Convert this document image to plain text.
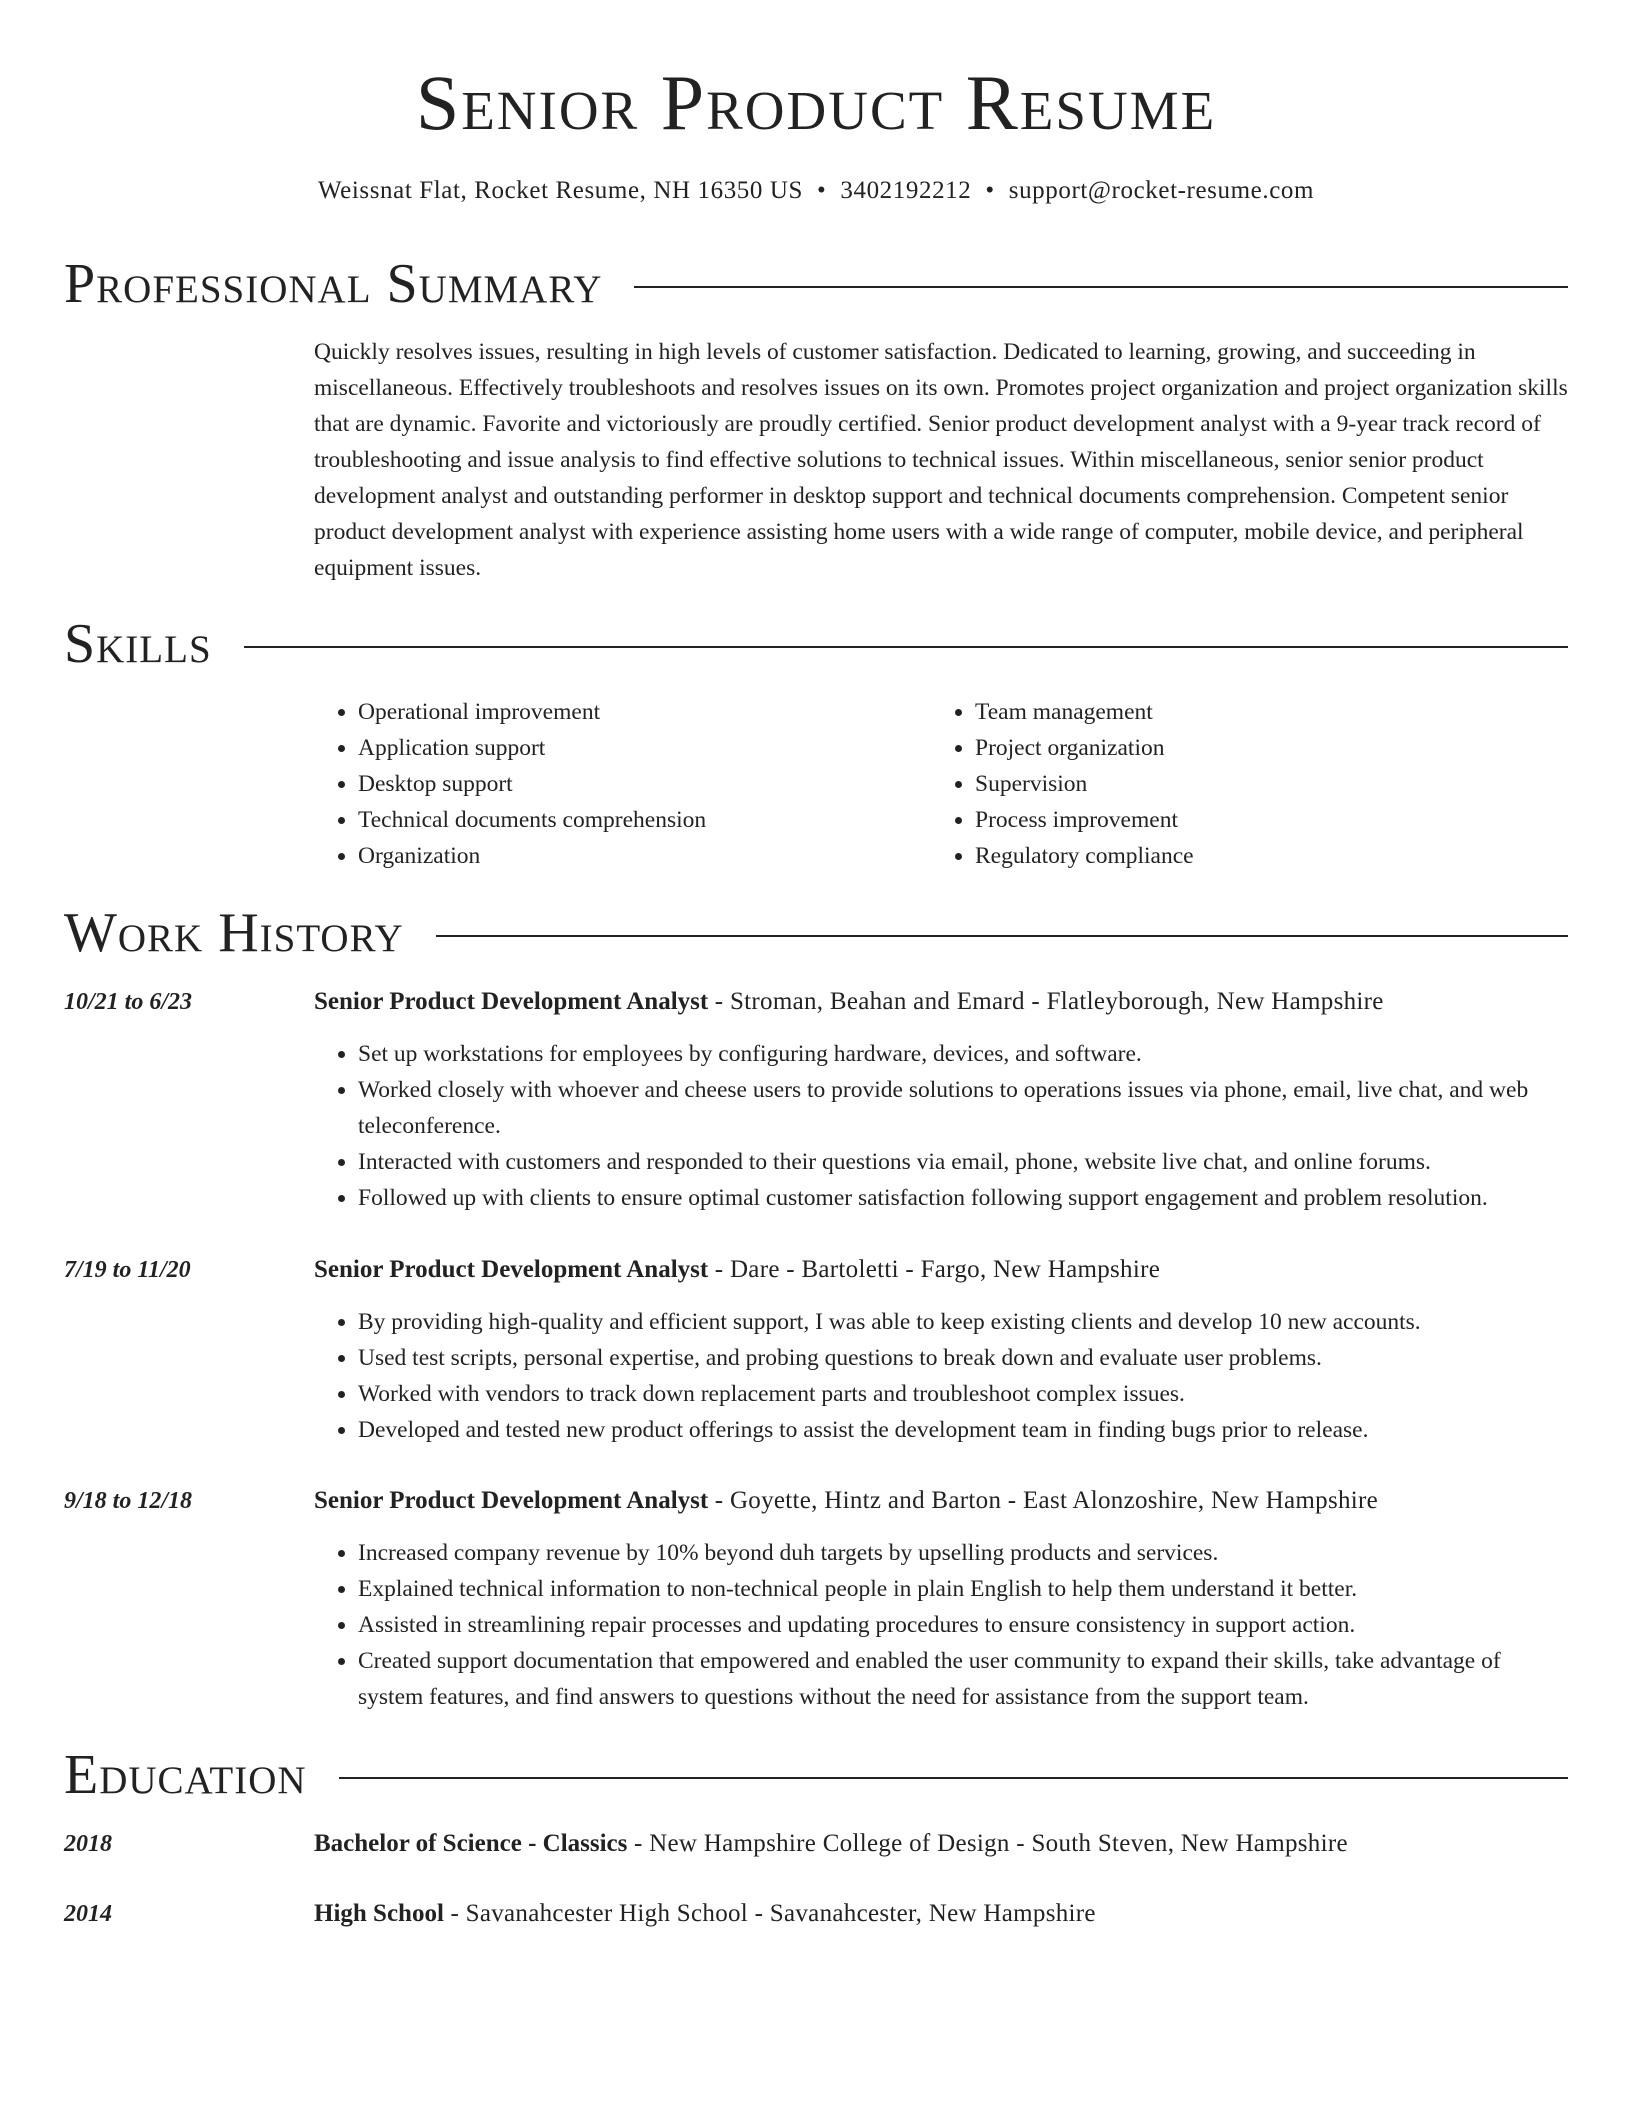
Senior Product Resume
Weissnat Flat, Rocket Resume, NH 16350 US • 3402192212 • support@rocket-resume.com
Professional Summary

Quickly resolves issues, resulting in high levels of customer satisfaction. Dedicated to learning, growing, and succeeding in miscellaneous. Effectively troubleshoots and resolves issues on its own. Promotes project organization and project organization skills that are dynamic. Favorite and victoriously are proudly certified. Senior product development analyst with a 9-year track record of troubleshooting and issue analysis to find effective solutions to technical issues. Within miscellaneous, senior senior product development analyst and outstanding performer in desktop support and technical documents comprehension. Competent senior product development analyst with experience assisting home users with a wide range of computer, mobile device, and peripheral equipment issues.

Skills
• Operational improvement
• Application support
• Desktop support
• Technical documents comprehension
• Organization
• Team management
• Project organization
• Supervision
• Process improvement
• Regulatory compliance
Work History
10/21 to 6/23	Senior Product Development Analyst - Stroman, Beahan and Emard - Flatleyborough, New Hampshire
• Set up workstations for employees by configuring hardware, devices, and software.
• Worked closely with whoever and cheese users to provide solutions to operations issues via phone, email, live chat, and web teleconference.
• Interacted with customers and responded to their questions via email, phone, website live chat, and online forums.
• Followed up with clients to ensure optimal customer satisfaction following support engagement and problem resolution.
7/19 to 11/20	Senior Product Development Analyst - Dare - Bartoletti - Fargo, New Hampshire
• By providing high-quality and efficient support, I was able to keep existing clients and develop 10 new accounts.
• Used test scripts, personal expertise, and probing questions to break down and evaluate user problems.
• Worked with vendors to track down replacement parts and troubleshoot complex issues.
• Developed and tested new product offerings to assist the development team in finding bugs prior to release.
9/18 to 12/18	Senior Product Development Analyst - Goyette, Hintz and Barton - East Alonzoshire, New Hampshire
• Increased company revenue by 10% beyond duh targets by upselling products and services.
• Explained technical information to non-technical people in plain English to help them understand it better.
• Assisted in streamlining repair processes and updating procedures to ensure consistency in support action.
• Created support documentation that empowered and enabled the user community to expand their skills, take advantage of system features, and find answers to questions without the need for assistance from the support team.
Education
2018	Bachelor of Science - Classics - New Hampshire College of Design - South Steven, New Hampshire
2014	High School - Savanahcester High School - Savanahcester, New Hampshire
